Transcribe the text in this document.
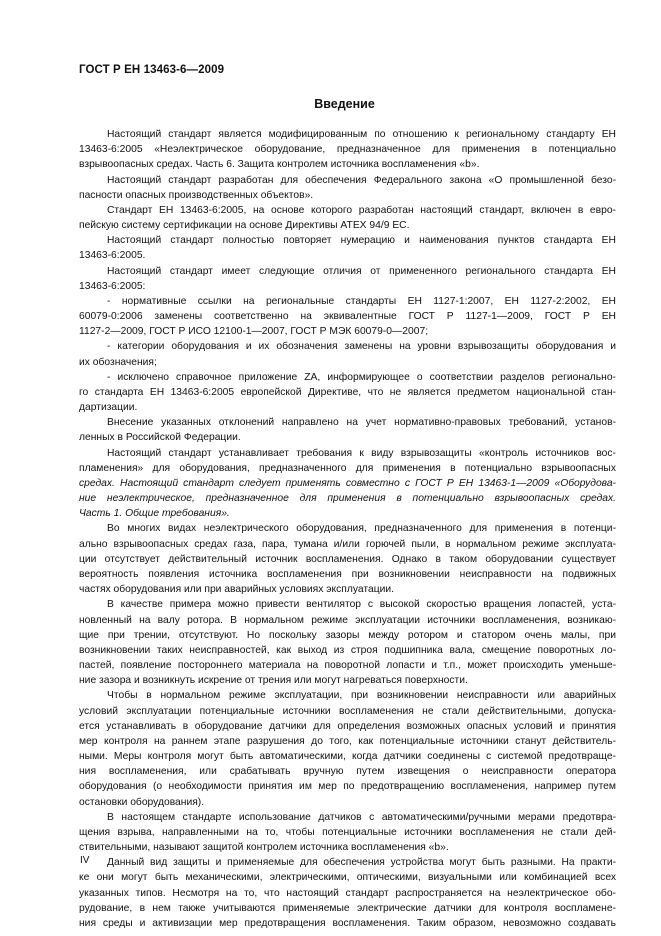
ГОСТ Р ЕН 13463-6—2009
Введение
Настоящий стандарт является модифицированным по отношению к региональному стандарту ЕН
13463-6:2005 «Неэлектрическое оборудование, предназначенное для применения в потенциально
взрывоопасных средах. Часть 6. Защита контролем источника воспламенения «b».
Настоящий стандарт разработан для обеспечения Федерального закона «О промышленной безо-
пасности опасных производственных объектов».
Стандарт ЕН 13463-6:2005, на основе которого разработан настоящий стандарт, включен в евро-
пейскую систему сертификации на основе Директивы ATEX 94/9 EC.
Настоящий стандарт полностью повторяет нумерацию и наименования пунктов стандарта ЕН
13463-6:2005.
Настоящий стандарт имеет следующие отличия от примененного регионального стандарта ЕН
13463-6:2005:
- нормативные ссылки на региональные стандарты ЕН 1127-1:2007, ЕН 1127-2:2002, ЕН
60079-0:2006 заменены соответственно на эквивалентные ГОСТ Р 1127-1—2009, ГОСТ Р ЕН
1127-2—2009, ГОСТ Р ИСО 12100-1—2007, ГОСТ Р МЭК 60079-0—2007;
- категории оборудования и их обозначения заменены на уровни взрывозащиты оборудования и
их обозначения;
- исключено справочное приложение ZA, информирующее о соответствии разделов регионально-
го стандарта ЕН 13463-6:2005 европейской Директиве, что не является предметом национальной стан-
дартизации.
Внесение указанных отклонений направлено на учет нормативно-правовых требований, установ-
ленных в Российской Федерации.
Настоящий стандарт устанавливает требования к виду взрывозащиты «контроль источников вос-
пламенения» для оборудования, предназначенного для применения в потенциально взрывоопасных
средах. Настоящий стандарт следует применять совместно с ГОСТ Р ЕН 13463-1—2009 «Оборудова-
ние неэлектрическое, предназначенное для применения в потенциально взрывоопасных средах.
Часть 1. Общие требования».
Во многих видах неэлектрического оборудования, предназначенного для применения в потенци-
ально взрывоопасных средах газа, пара, тумана и/или горючей пыли, в нормальном режиме эксплуата-
ции отсутствует действительный источник воспламенения. Однако в таком оборудовании существует
вероятность появления источника воспламенения при возникновении неисправности на подвижных
частях оборудования или при аварийных условиях эксплуатации.
В качестве примера можно привести вентилятор с высокой скоростью вращения лопастей, уста-
новленный на валу ротора. В нормальном режиме эксплуатации источники воспламенения, возникаю-
щие при трении, отсутствуют. Но поскольку зазоры между ротором и статором очень малы, при
возникновении таких неисправностей, как выход из строя подшипника вала, смещение поворотных ло-
пастей, появление постороннего материала на поворотной лопасти и т.п., может происходить уменьше-
ние зазора и возникнуть искрение от трения или могут нагреваться поверхности.
Чтобы в нормальном режиме эксплуатации, при возникновении неисправности или аварийных
условий эксплуатации потенциальные источники воспламенения не стали действительными, допуска-
ется устанавливать в оборудование датчики для определения возможных опасных условий и принятия
мер контроля на раннем этапе разрушения до того, как потенциальные источники станут действитель-
ными. Меры контроля могут быть автоматическими, когда датчики соединены с системой предотвраще-
ния воспламенения, или срабатывать вручную путем извещения о неисправности оператора
оборудования (о необходимости принятия им мер по предотвращению воспламенения, например путем
остановки оборудования).
В настоящем стандарте использование датчиков с автоматическими/ручными мерами предотвра-
щения взрыва, направленными на то, чтобы потенциальные источники воспламенения не стали дей-
ствительными, называют защитой контролем источника воспламенения «b».
Данный вид защиты и применяемые для обеспечения устройства могут быть разными. На практи-
ке они могут быть механическими, электрическими, оптическими, визуальными или комбинацией всех
указанных типов. Несмотря на то, что настоящий стандарт распространяется на неэлектрическое обо-
рудование, в нем также учитываются применяемые электрические датчики для контроля воспламене-
ния среды и активизации мер предотвращения воспламенения. Таким образом, невозможно создавать
IV
